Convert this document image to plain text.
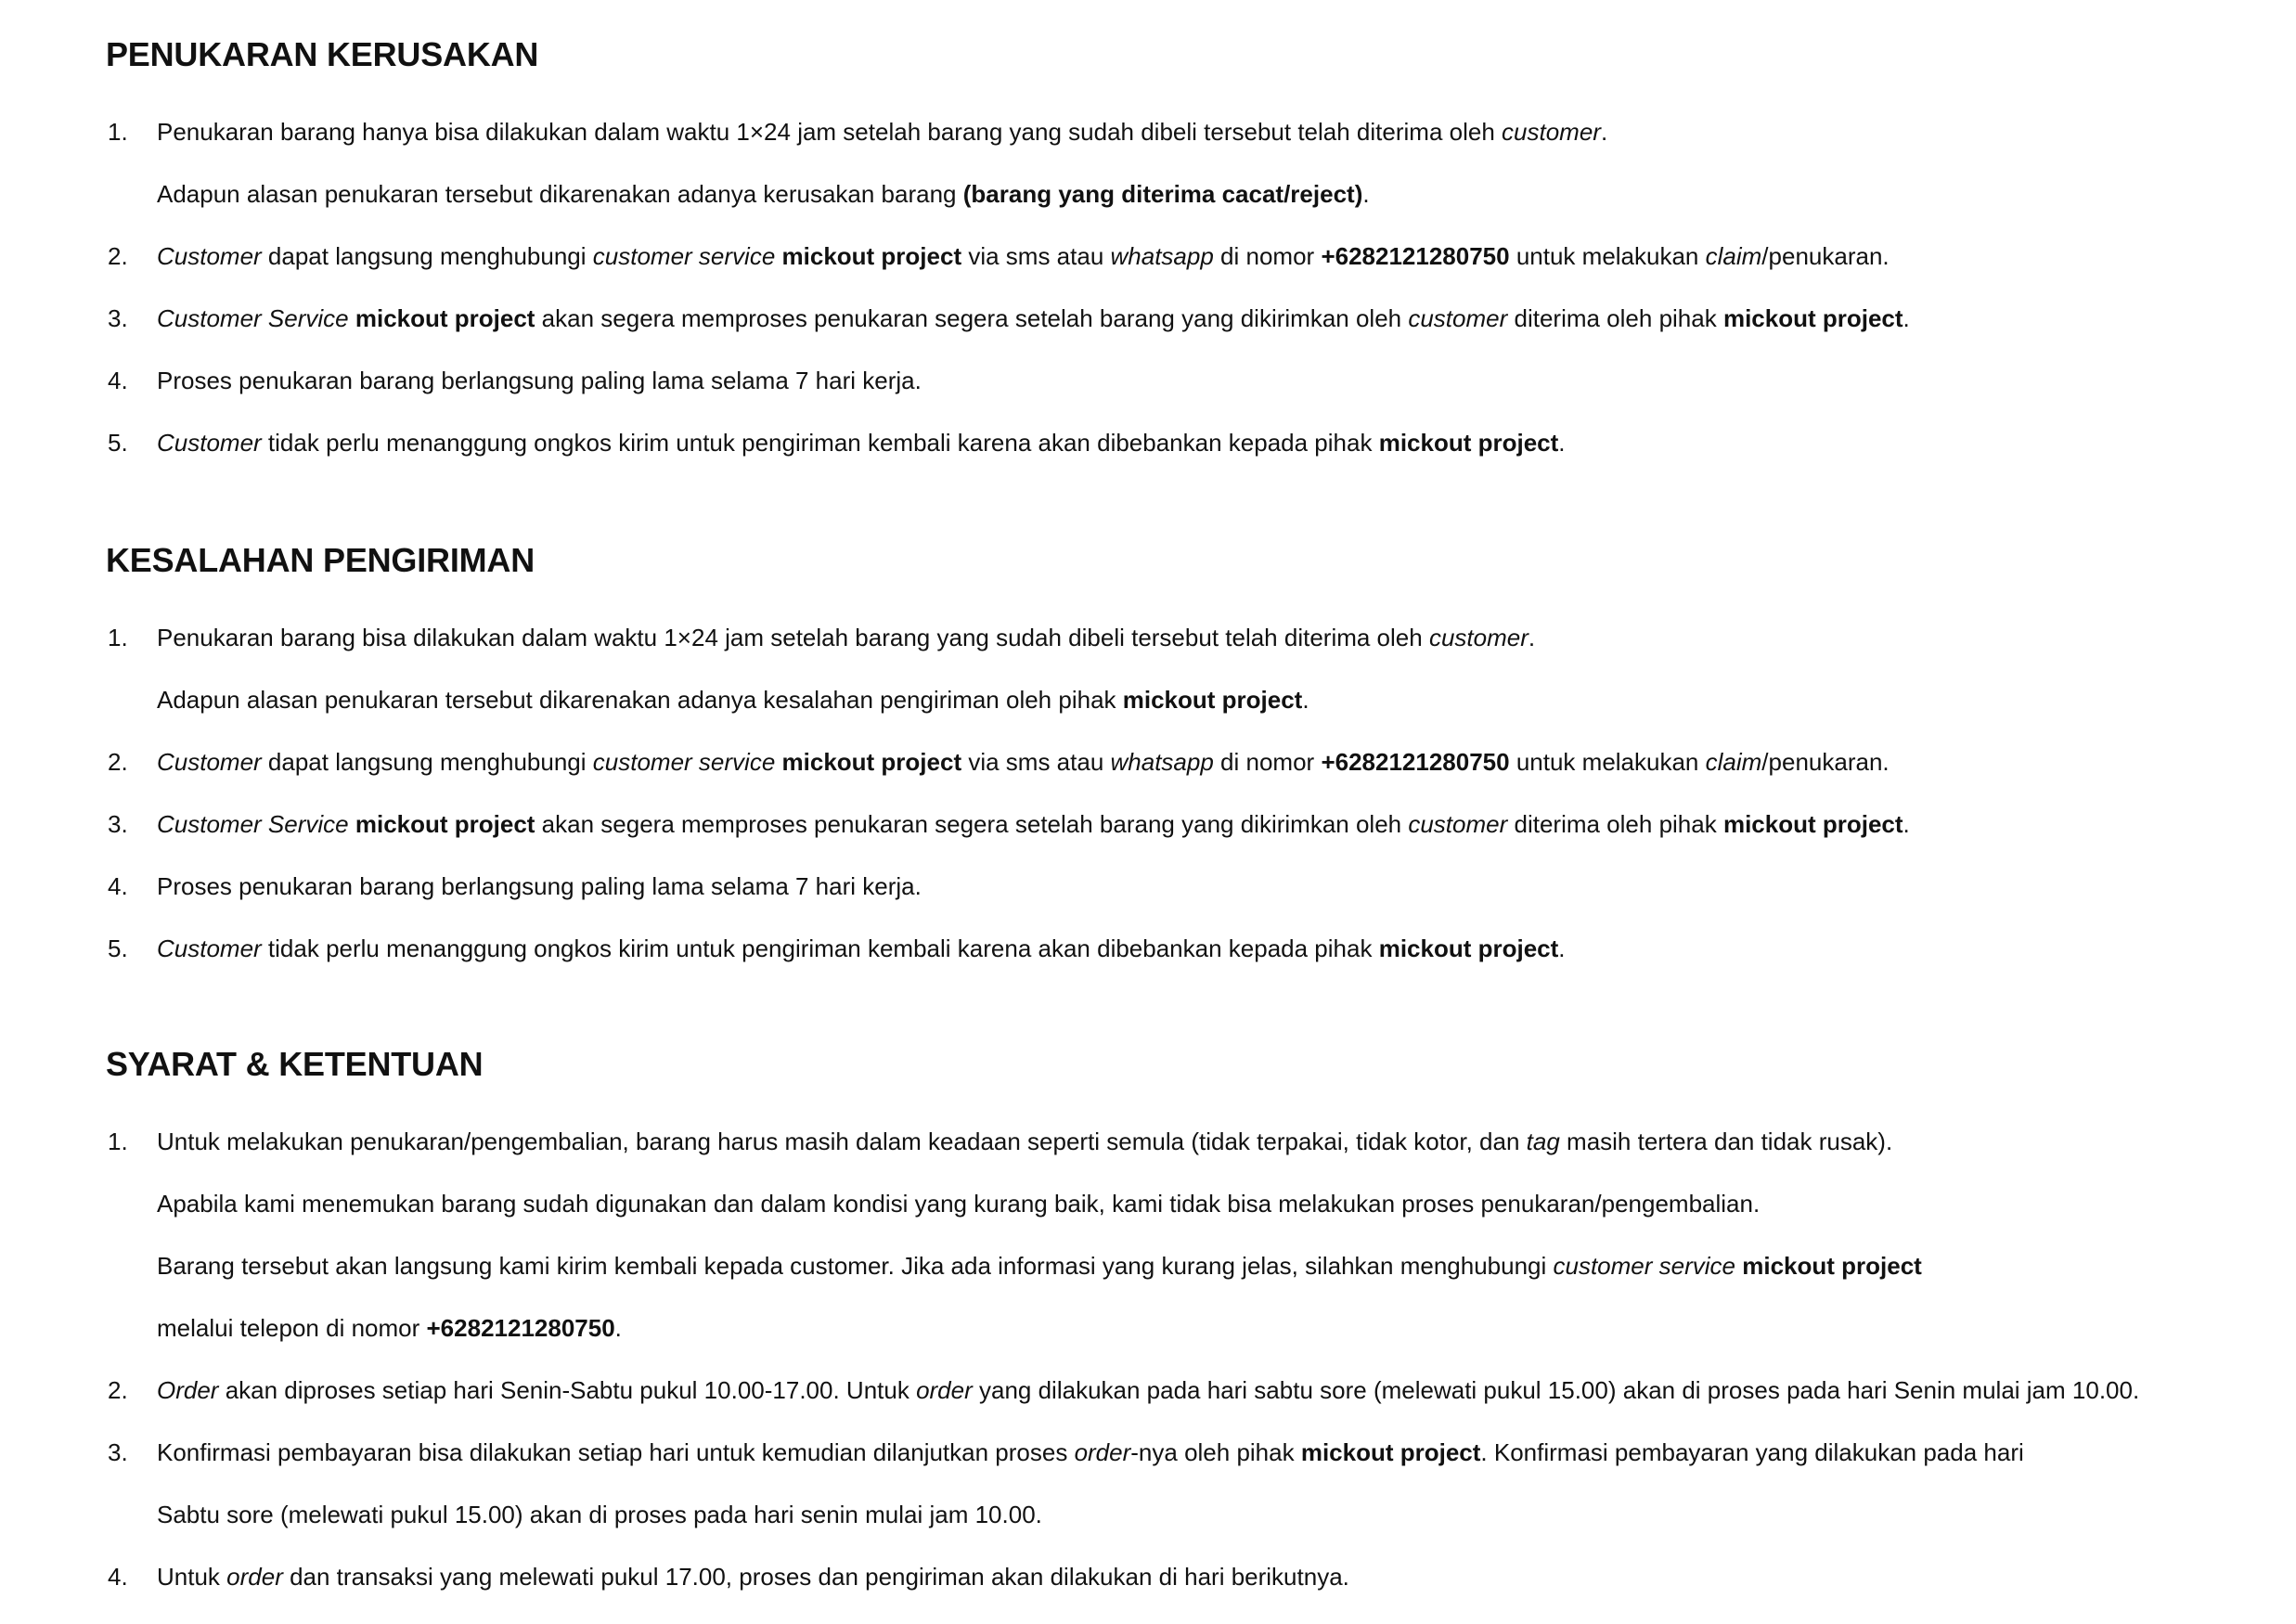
PENUKARAN KERUSAKAN
1. Penukaran barang hanya bisa dilakukan dalam waktu 1×24 jam setelah barang yang sudah dibeli tersebut telah diterima oleh customer.
Adapun alasan penukaran tersebut dikarenakan adanya kerusakan barang (barang yang diterima cacat/reject).
2. Customer dapat langsung menghubungi customer service mickout project via sms atau whatsapp di nomor +6282121280750 untuk melakukan claim/penukaran.
3. Customer Service mickout project akan segera memproses penukaran segera setelah barang yang dikirimkan oleh customer diterima oleh pihak mickout project.
4. Proses penukaran barang berlangsung paling lama selama 7 hari kerja.
5. Customer tidak perlu menanggung ongkos kirim untuk pengiriman kembali karena akan dibebankan kepada pihak mickout project.
KESALAHAN PENGIRIMAN
1. Penukaran barang bisa dilakukan dalam waktu 1×24 jam setelah barang yang sudah dibeli tersebut telah diterima oleh customer.
Adapun alasan penukaran tersebut dikarenakan adanya kesalahan pengiriman oleh pihak mickout project.
2. Customer dapat langsung menghubungi customer service mickout project via sms atau whatsapp di nomor +6282121280750 untuk melakukan claim/penukaran.
3. Customer Service mickout project akan segera memproses penukaran segera setelah barang yang dikirimkan oleh customer diterima oleh pihak mickout project.
4. Proses penukaran barang berlangsung paling lama selama 7 hari kerja.
5. Customer tidak perlu menanggung ongkos kirim untuk pengiriman kembali karena akan dibebankan kepada pihak mickout project.
SYARAT & KETENTUAN
1. Untuk melakukan penukaran/pengembalian, barang harus masih dalam keadaan seperti semula (tidak terpakai, tidak kotor, dan tag masih tertera dan tidak rusak).
Apabila kami menemukan barang sudah digunakan dan dalam kondisi yang kurang baik, kami tidak bisa melakukan proses penukaran/pengembalian.
Barang tersebut akan langsung kami kirim kembali kepada customer. Jika ada informasi yang kurang jelas, silahkan menghubungi customer service mickout project
melalui telepon di nomor +6282121280750.
2. Order akan diproses setiap hari Senin-Sabtu pukul 10.00-17.00. Untuk order yang dilakukan pada hari sabtu sore (melewati pukul 15.00) akan di proses pada hari Senin mulai jam 10.00.
3. Konfirmasi pembayaran bisa dilakukan setiap hari untuk kemudian dilanjutkan proses order-nya oleh pihak mickout project. Konfirmasi pembayaran yang dilakukan pada hari
Sabtu sore (melewati pukul 15.00) akan di proses pada hari senin mulai jam 10.00.
4. Untuk order dan transaksi yang melewati pukul 17.00, proses dan pengiriman akan dilakukan di hari berikutnya.
